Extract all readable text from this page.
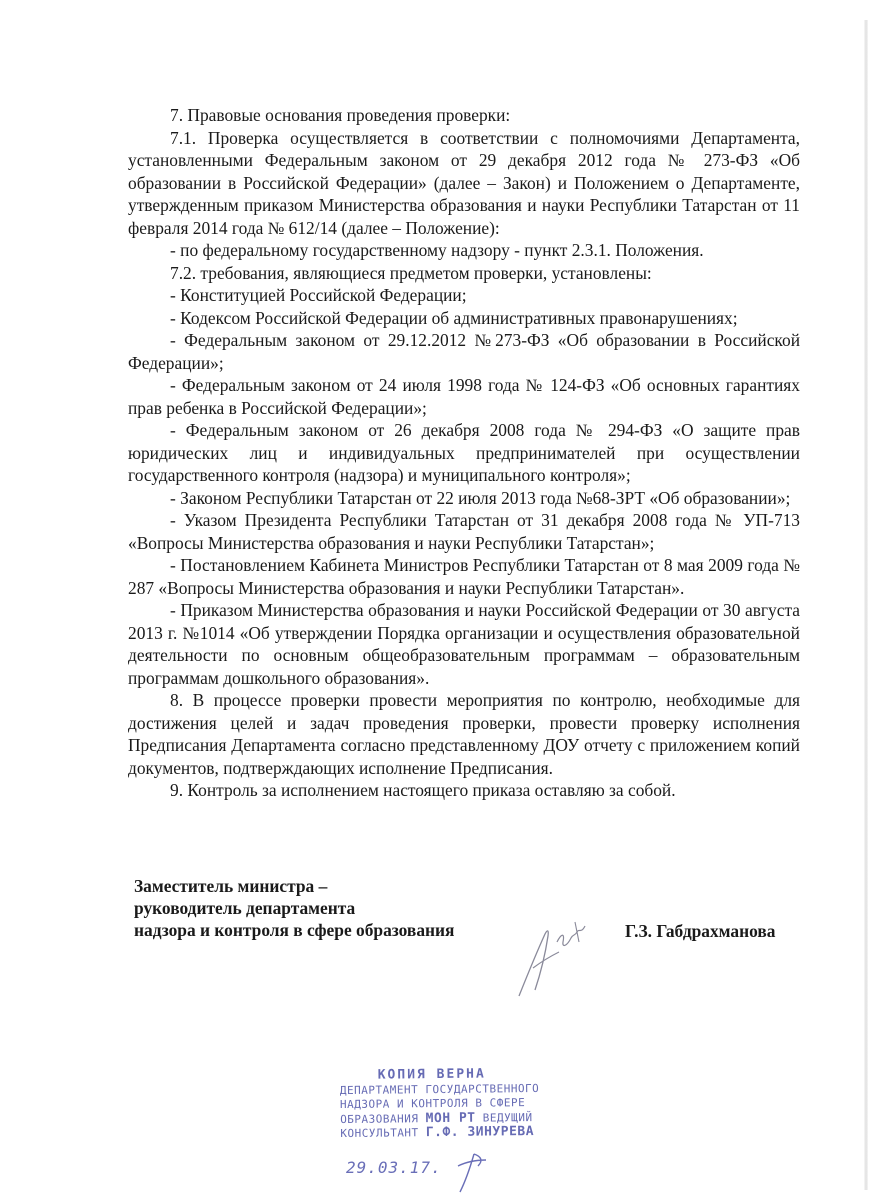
7. Правовые основания проведения проверки:

7.1. Проверка осуществляется в соответствии с полномочиями Департамента, установленными Федеральным законом от 29 декабря 2012 года № 273-ФЗ «Об образовании в Российской Федерации» (далее – Закон) и Положением о Департаменте, утвержденным приказом Министерства образования и науки Республики Татарстан от 11 февраля 2014 года № 612/14 (далее – Положение):

- по федеральному государственному надзору - пункт 2.3.1. Положения.

7.2. требования, являющиеся предметом проверки, установлены:

- Конституцией Российской Федерации;

- Кодексом Российской Федерации об административных правонарушениях;

- Федеральным законом от 29.12.2012 №273-ФЗ «Об образовании в Российской Федерации»;

- Федеральным законом от 24 июля 1998 года № 124-ФЗ «Об основных гарантиях прав ребенка в Российской Федерации»;

- Федеральным законом от 26 декабря 2008 года № 294-ФЗ «О защите прав юридических лиц и индивидуальных предпринимателей при осуществлении государственного контроля (надзора) и муниципального контроля»;

- Законом Республики Татарстан от 22 июля 2013 года №68-ЗРТ «Об образовании»;

- Указом Президента Республики Татарстан от 31 декабря 2008 года № УП-713 «Вопросы Министерства образования и науки Республики Татарстан»;

- Постановлением Кабинета Министров Республики Татарстан от 8 мая 2009 года № 287 «Вопросы Министерства образования и науки Республики Татарстан».

- Приказом Министерства образования и науки Российской Федерации от 30 августа 2013 г. №1014 «Об утверждении Порядка организации и осуществления образовательной деятельности по основным общеобразовательным программам – образовательным программам дошкольного образования».

8. В процессе проверки провести мероприятия по контролю, необходимые для достижения целей и задач проведения проверки, провести проверку исполнения Предписания Департамента согласно представленному ДОУ отчету с приложением копий документов, подтверждающих исполнение Предписания.

9. Контроль за исполнением настоящего приказа оставляю за собой.

Заместитель министра –
руководитель департамента
надзора и контроля в сфере образования	Г.З. Габдрахманова
КОПИЯ ВЕРНА
ДЕПАРТАМЕНТ ГОСУДАРСТВЕННОГО
НАДЗОРА И КОНТРОЛЯ В СФЕРЕ
ОБРАЗОВАНИЯ МОН РТ ВЕДУЩИЙ
КОНСУЛЬТАНТ Г.Ф. ЗИНУРЕВА
29.03.17.
